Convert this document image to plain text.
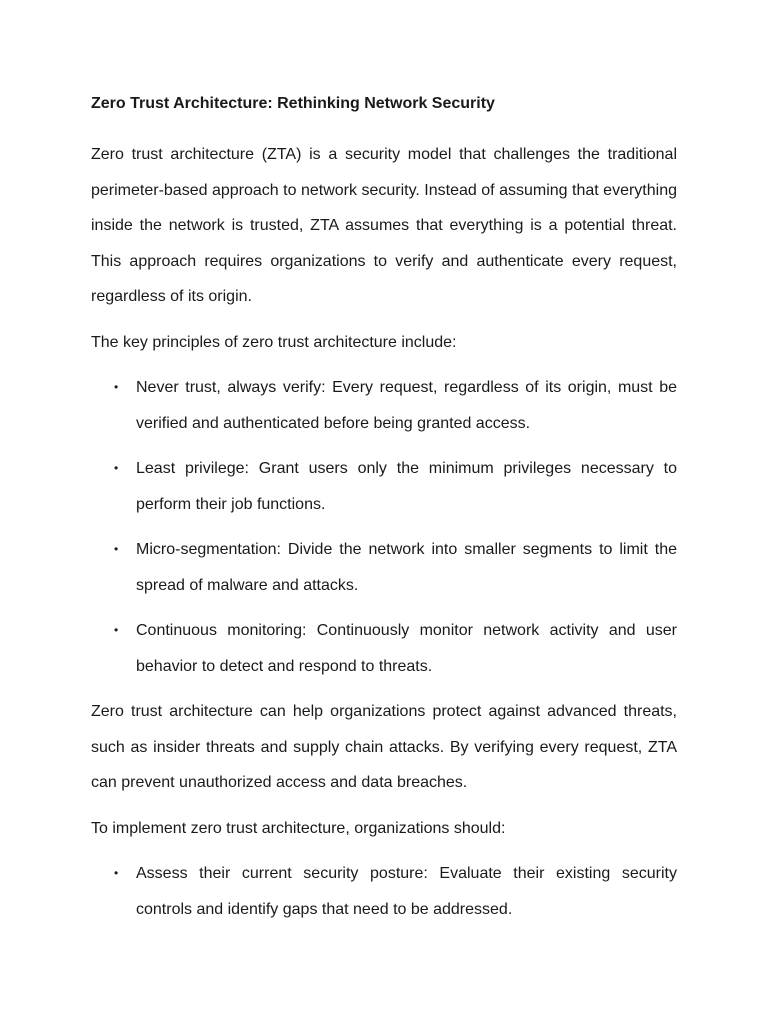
Zero Trust Architecture: Rethinking Network Security

Zero trust architecture (ZTA) is a security model that challenges the traditional perimeter-based approach to network security. Instead of assuming that everything inside the network is trusted, ZTA assumes that everything is a potential threat. This approach requires organizations to verify and authenticate every request, regardless of its origin.

The key principles of zero trust architecture include:

• Never trust, always verify: Every request, regardless of its origin, must be verified and authenticated before being granted access.
• Least privilege: Grant users only the minimum privileges necessary to perform their job functions.
• Micro-segmentation: Divide the network into smaller segments to limit the spread of malware and attacks.
• Continuous monitoring: Continuously monitor network activity and user behavior to detect and respond to threats.

Zero trust architecture can help organizations protect against advanced threats, such as insider threats and supply chain attacks. By verifying every request, ZTA can prevent unauthorized access and data breaches.

To implement zero trust architecture, organizations should:

• Assess their current security posture: Evaluate their existing security controls and identify gaps that need to be addressed.
